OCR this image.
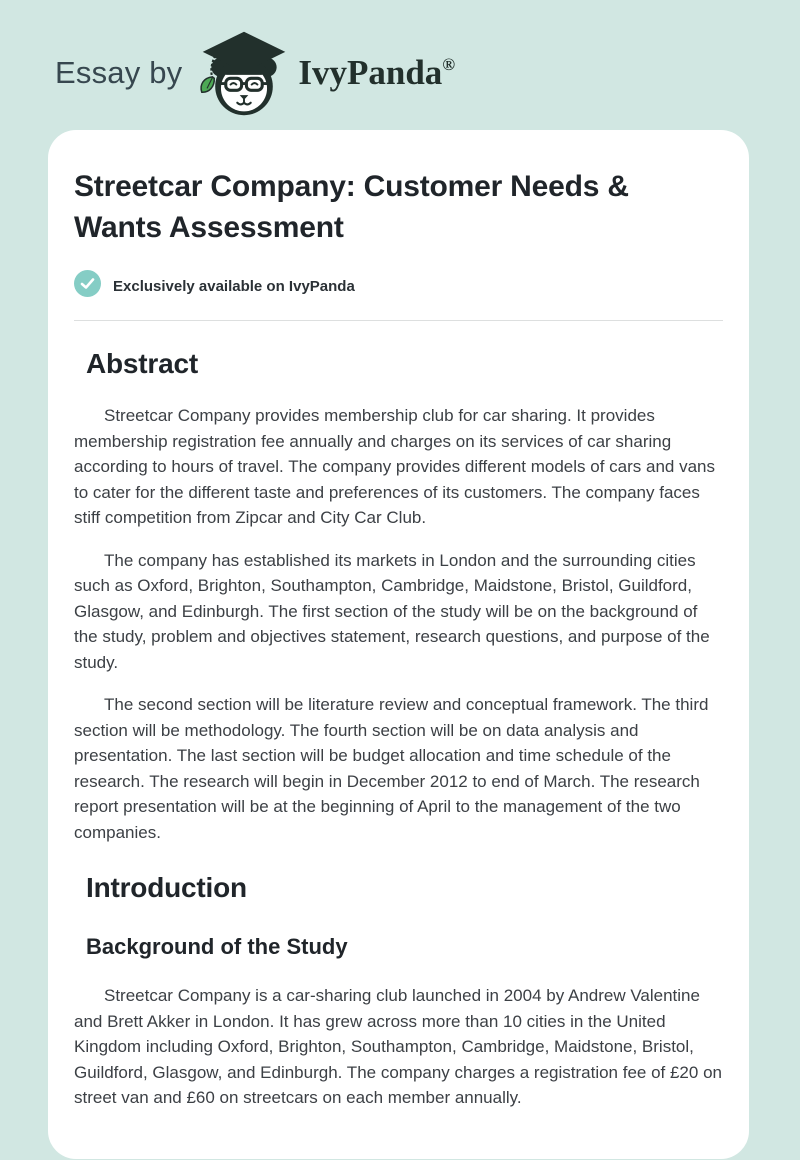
Essay by	IvyPanda®
Streetcar Company: Customer Needs & Wants Assessment
Exclusively available on IvyPanda
Abstract

Streetcar Company provides membership club for car sharing. It provides membership registration fee annually and charges on its services of car sharing according to hours of travel. The company provides different models of cars and vans to cater for the different taste and preferences of its customers. The company faces stiff competition from Zipcar and City Car Club.

The company has established its markets in London and the surrounding cities such as Oxford, Brighton, Southampton, Cambridge, Maidstone, Bristol, Guildford, Glasgow, and Edinburgh. The first section of the study will be on the background of the study, problem and objectives statement, research questions, and purpose of the study.

The second section will be literature review and conceptual framework. The third section will be methodology. The fourth section will be on data analysis and presentation. The last section will be budget allocation and time schedule of the research. The research will begin in December 2012 to end of March. The research report presentation will be at the beginning of April to the management of the two companies.

Introduction
Background of the Study

Streetcar Company is a car-sharing club launched in 2004 by Andrew Valentine and Brett Akker in London. It has grew across more than 10 cities in the United Kingdom including Oxford, Brighton, Southampton, Cambridge, Maidstone, Bristol, Guildford, Glasgow, and Edinburgh. The company charges a registration fee of £20 on street van and £60 on streetcars on each member annually.
